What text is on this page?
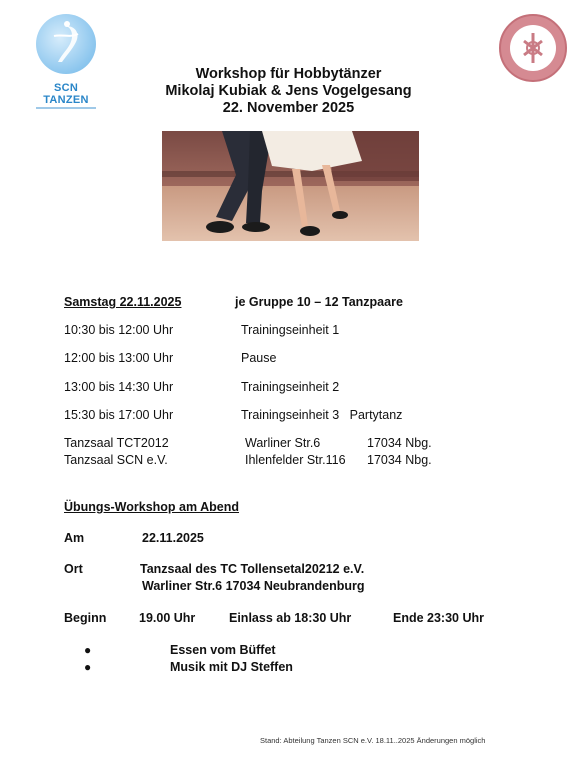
SCN TANZEN
Workshop für Hobbytänzer
Mikolaj Kubiak & Jens Vogelgesang
22. November 2025
Samstag 22.11.2025	je Gruppe 10 – 12 Tanzpaare
10:30 bis 12:00 Uhr	Trainingseinheit 1
12:00 bis 13:00 Uhr	Pause
13:00 bis 14:30 Uhr	Trainingseinheit 2
15:30 bis 17:00 Uhr	Trainingseinheit 3   Partytanz
Tanzsaal TCT2012	Warliner Str.6	17034 Nbg.
Tanzsaal SCN e.V.	Ihlenfelder Str.116 17034 Nbg.
Übungs-Workshop am Abend
Am	22.11.2025
Ort	Tanzsaal des TC Tollensetal20212 e.V.
Warliner Str.6 17034 Neubrandenburg
Beginn	19.00 Uhr	Einlass ab 18:30 Uhr	Ende 23:30 Uhr
●	Essen vom Büffet
●	Musik mit DJ Steffen
Stand: Abteilung Tanzen SCN e.V. 18.11..2025 Änderungen möglich
